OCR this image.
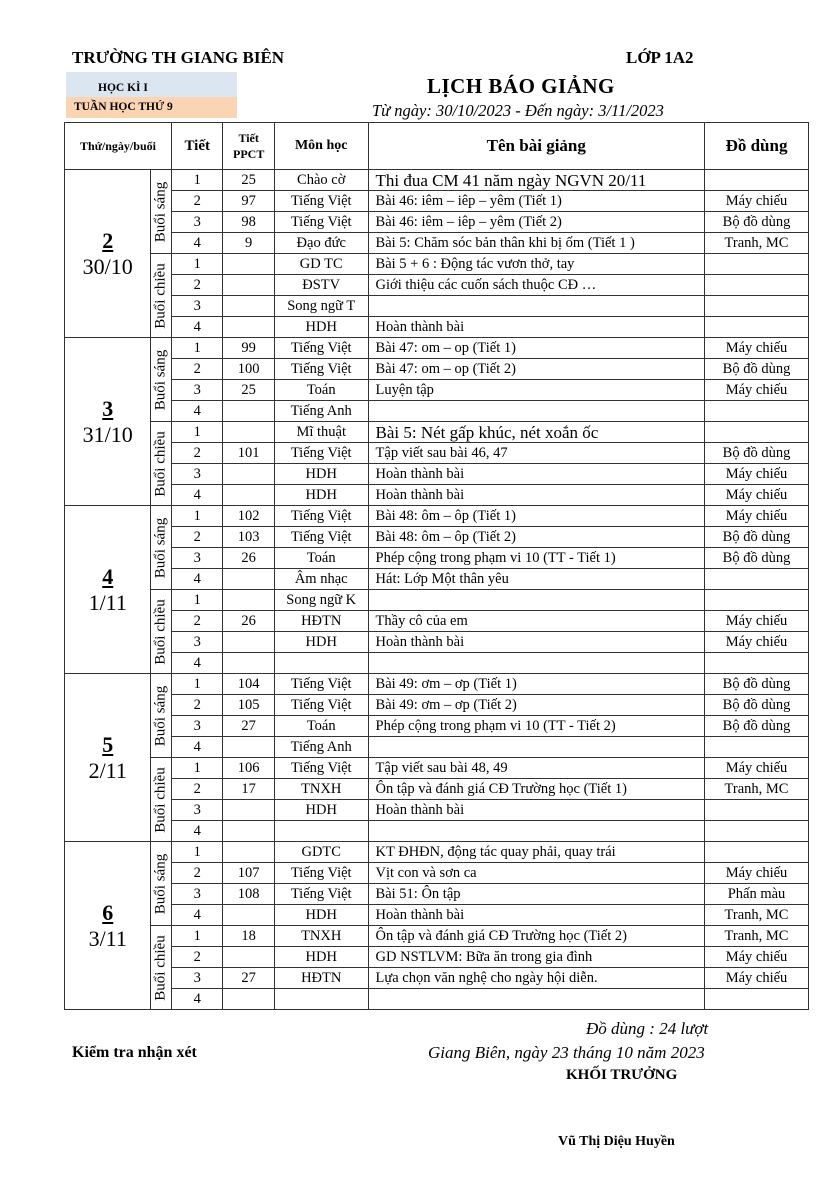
TRƯỜNG TH GIANG BIÊN	LỚP 1A2
HỌC KÌ I
TUẦN HỌC THỨ 9
LỊCH BÁO GIẢNG
Từ ngày: 30/10/2023 - Đến ngày: 3/11/2023
Thứ/ngày/buổi		Tiết	Tiết
PPCT	Môn học	Tên bài giảng	Đồ dùng

2
30/10	Buổi sáng	1	25	Chào cờ	Thi đua CM 41 năm ngày NGVN 20/11	
		2	97	Tiếng Việt	Bài 46: iêm – iêp – yêm (Tiết 1)	Máy chiếu
		3	98	Tiếng Việt	Bài 46: iêm – iêp – yêm (Tiết 2)	Bộ đồ dùng
		4	9	Đạo đức	Bài 5: Chăm sóc bản thân khi bị ốm (Tiết 1 )	Tranh, MC

	Buổi chiều	1		GD TC	Bài 5 + 6 : Động tác vươn thở, tay	
		2		ĐSTV	Giới thiệu các cuốn sách thuộc CĐ …	
		3		Song ngữ T		
		4		HDH	Hoàn thành bài	

3
31/10	Buổi sáng	1	99	Tiếng Việt	Bài 47: om – op (Tiết 1)	Máy chiếu
		2	100	Tiếng Việt	Bài 47: om – op (Tiết 2)	Bộ đồ dùng
		3	25	Toán	Luyện tập	Máy chiếu
		4		Tiếng Anh		

	Buổi chiều	1		Mĩ thuật	Bài 5: Nét gấp khúc, nét xoắn ốc	
		2	101	Tiếng Việt	Tập viết sau bài 46, 47	Bộ đồ dùng
		3		HDH	Hoàn thành bài	Máy chiếu
		4		HDH	Hoàn thành bài	Máy chiếu

4
1/11	Buổi sáng	1	102	Tiếng Việt	Bài 48: ôm – ôp (Tiết 1)	Máy chiếu
		2	103	Tiếng Việt	Bài 48: ôm – ôp (Tiết 2)	Bộ đồ dùng
		3	26	Toán	Phép cộng trong phạm vi 10 (TT - Tiết 1)	Bộ đồ dùng
		4		Âm nhạc	Hát: Lớp Một thân yêu	

	Buổi chiều	1		Song ngữ K		
		2	26	HĐTN	Thầy cô của em	Máy chiếu
		3		HDH	Hoàn thành bài	Máy chiếu
		4				

5
2/11	Buổi sáng	1	104	Tiếng Việt	Bài 49: ơm – ơp (Tiết 1)	Bộ đồ dùng
		2	105	Tiếng Việt	Bài 49: ơm – ơp (Tiết 2)	Bộ đồ dùng
		3	27	Toán	Phép cộng trong phạm vi 10 (TT - Tiết 2)	Bộ đồ dùng
		4		Tiếng Anh		

	Buổi chiều	1	106	Tiếng Việt	Tập viết sau bài 48, 49	Máy chiếu
		2	17	TNXH	Ôn tập và đánh giá CĐ Trường học (Tiết 1)	Tranh, MC
		3		HDH	Hoàn thành bài	
		4				

6
3/11	Buổi sáng	1		GDTC	KT ĐHĐN, động tác quay phải, quay trái	
		2	107	Tiếng Việt	Vịt con và sơn ca	Máy chiếu
		3	108	Tiếng Việt	Bài 51: Ôn tập	Phấn màu
		4		HDH	Hoàn thành bài	Tranh, MC

	Buổi chiều	1	18	TNXH	Ôn tập và đánh giá CĐ Trường học (Tiết 2)	Tranh, MC
		2		HDH	GD NSTLVM: Bữa ăn trong gia đình	Máy chiếu
		3	27	HĐTN	Lựa chọn văn nghệ cho ngày hội diễn.	Máy chiếu
		4				
Đồ dùng : 24 lượt
Kiểm tra nhận xét	Giang Biên, ngày 23 tháng 10 năm 2023
KHỐI TRƯỞNG
Vũ Thị Diệu Huyền
